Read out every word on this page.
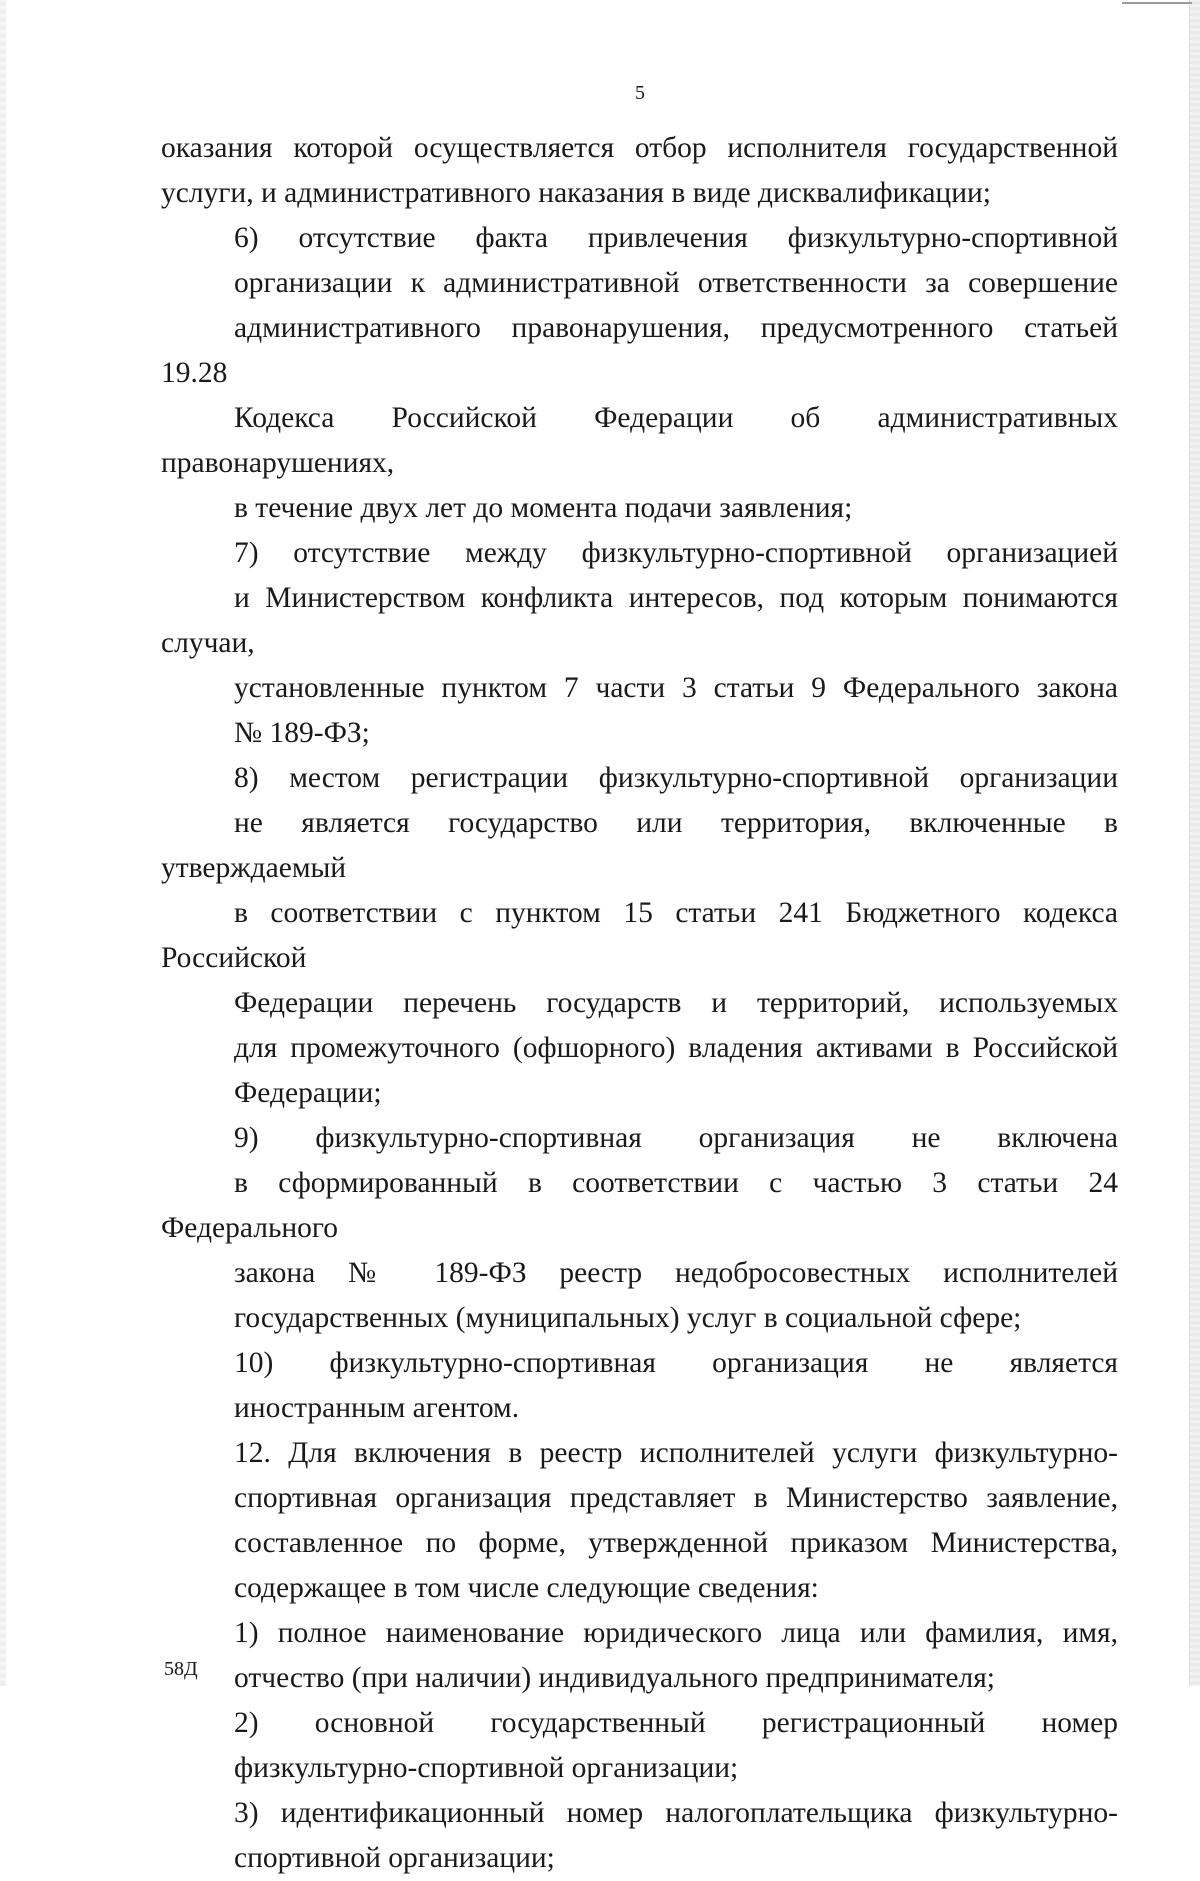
5

оказания которой осуществляется отбор исполнителя государственной
услуги, и административного наказания в виде дисквалификации;

6) отсутствие факта привлечения физкультурно-спортивной
организации к административной ответственности за совершение
административного правонарушения, предусмотренного статьей 19.28
Кодекса Российской Федерации об административных правонарушениях,
в течение двух лет до момента подачи заявления;

7) отсутствие между физкультурно-спортивной организацией
и Министерством конфликта интересов, под которым понимаются случаи,
установленные пунктом 7 части 3 статьи 9 Федерального закона
№ 189-ФЗ;

8) местом регистрации физкультурно-спортивной организации
не является государство или территория, включенные в утверждаемый
в соответствии с пунктом 15 статьи 241 Бюджетного кодекса Российской
Федерации перечень государств и территорий, используемых
для промежуточного (офшорного) владения активами в Российской
Федерации;

9) физкультурно-спортивная организация не включена
в сформированный в соответствии с частью 3 статьи 24 Федерального
закона № 189-ФЗ реестр недобросовестных исполнителей
государственных (муниципальных) услуг в социальной сфере;

10) физкультурно-спортивная организация не является
иностранным агентом.

12. Для включения в реестр исполнителей услуги физкультурно-
спортивная организация представляет в Министерство заявление,
составленное по форме, утвержденной приказом Министерства,
содержащее в том числе следующие сведения:

1) полное наименование юридического лица или фамилия, имя,
отчество (при наличии) индивидуального предпринимателя;

2) основной государственный регистрационный номер
физкультурно-спортивной организации;

3) идентификационный номер налогоплательщика физкультурно-
спортивной организации;

58Д
